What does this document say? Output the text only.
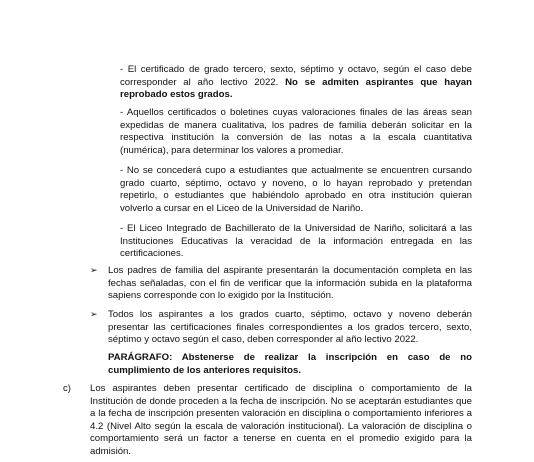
- El certificado de grado tercero, sexto, séptimo y octavo, según el caso debe corresponder al año lectivo 2022. No se admiten aspirantes que hayan reprobado estos grados.

- Aquellos certificados o boletines cuyas valoraciones finales de las áreas sean expedidas de manera cualitativa, los padres de familia deberán solicitar en la respectiva institución la conversión de las notas a la escala cuantitativa (numérica), para determinar los valores a promediar.

- No se concederá cupo a estudiantes que actualmente se encuentren cursando grado cuarto, séptimo, octavo y noveno, o lo hayan reprobado y pretendan repetirlo, o estudiantes que habiéndolo aprobado en otra institución quieran volverlo a cursar en el Liceo de la Universidad de Nariño.

- El Liceo Integrado de Bachillerato de la Universidad de Nariño, solicitará a las Instituciones Educativas la veracidad de la información entregada en las certificaciones.

➢ Los padres de familia del aspirante presentarán la documentación completa en las fechas señaladas, con el fin de verificar que la información subida en la plataforma sapiens corresponde con lo exigido por la Institución.

➢ Todos los aspirantes a los grados cuarto, séptimo, octavo y noveno deberán presentar las certificaciones finales correspondientes a los grados tercero, sexto, séptimo y octavo según el caso, deben corresponder al año lectivo 2022.

PARÁGRAFO: Abstenerse de realizar la inscripción en caso de no cumplimiento de los anteriores requisitos.

c) Los aspirantes deben presentar certificado de disciplina o comportamiento de la Institución de donde proceden a la fecha de inscripción. No se aceptarán estudiantes que a la fecha de inscripción presenten valoración en disciplina o comportamiento inferiores a 4.2 (Nivel Alto según la escala de valoración institucional). La valoración de disciplina o comportamiento será un factor a tenerse en cuenta en el promedio exigido para la admisión.
